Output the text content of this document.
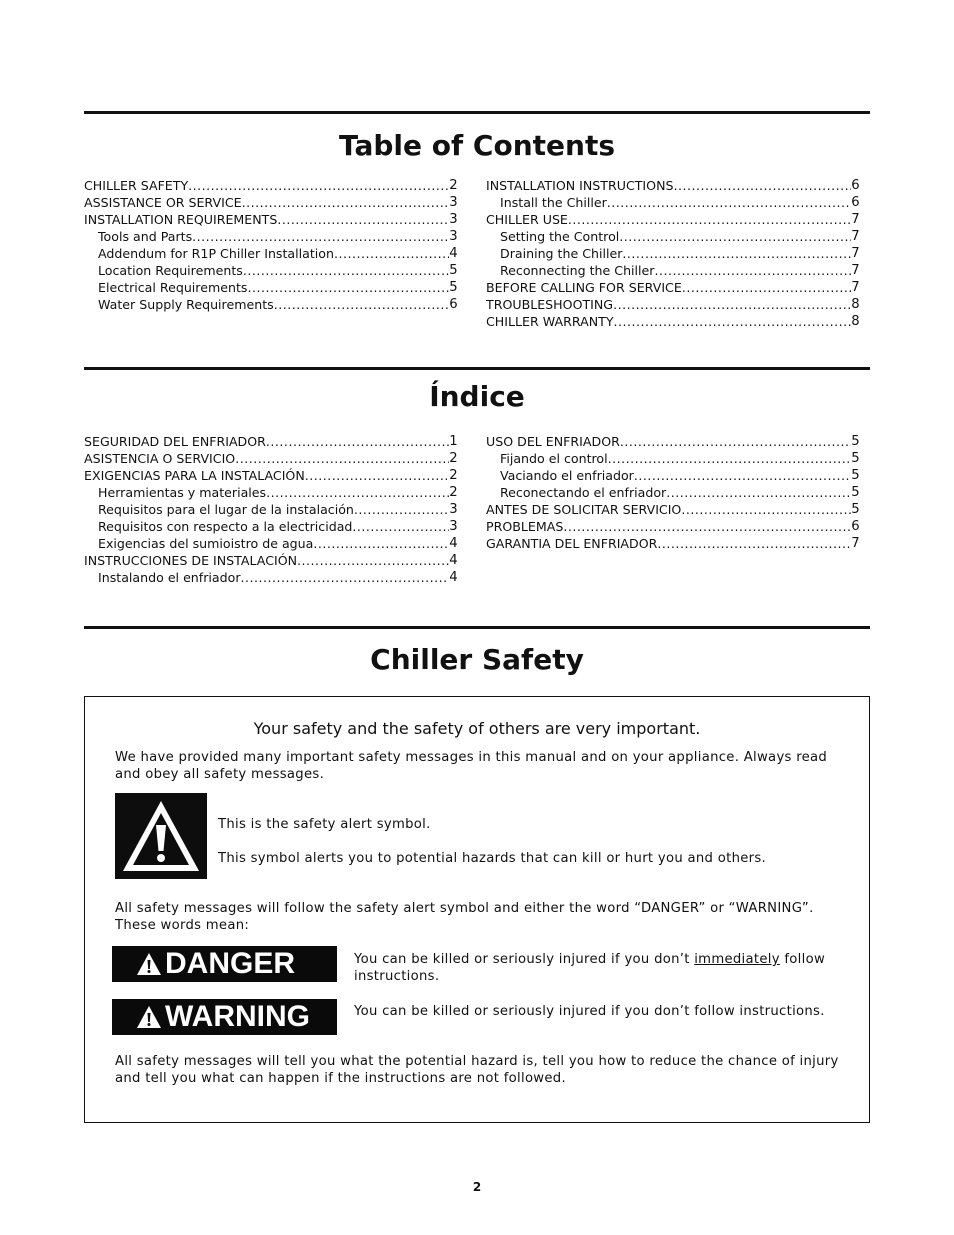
Table of Contents
CHILLER SAFETY .....	2
ASSISTANCE OR SERVICE .....	3
INSTALLATION REQUIREMENTS .....	3
Tools and Parts .....	3
Addendum for R1P Chiller Installation .....	4
Location Requirements .....	5
Electrical Requirements .....	5
Water Supply Requirements .....	6
INSTALLATION INSTRUCTIONS .....	6
Install the Chiller .....	6
CHILLER USE .....	7
Setting the Control .....	7
Draining the Chiller .....	7
Reconnecting the Chiller .....	7
BEFORE CALLING FOR SERVICE .....	7
TROUBLESHOOTING .....	8
CHILLER WARRANTY .....	8
Índice
SEGURIDAD DEL ENFRIADOR .....	1
ASISTENCIA O SERVICIO .....	2
EXIGENCIAS PARA LA INSTALACIÓN .....	2
Herramientas y materiales .....	2
Requisitos para el lugar de la instalación .....	3
Requisitos con respecto a la electricidad .....	3
Exigencias del sumioistro de agua .....	4
INSTRUCCIONES DE INSTALACIÓN .....	4
Instalando el enfriador .....	4
USO DEL ENFRIADOR .....	5
Fijando el control .....	5
Vaciando el enfriador .....	5
Reconectando el enfriador .....	5
ANTES DE SOLICITAR SERVICIO .....	5
PROBLEMAS .....	6
GARANTIA DEL ENFRIADOR .....	7
Chiller Safety

Your safety and the safety of others are very important.

We have provided many important safety messages in this manual and on your appliance. Always read and obey all safety messages.

This is the safety alert symbol.

This symbol alerts you to potential hazards that can kill or hurt you and others.

All safety messages will follow the safety alert symbol and either the word “DANGER” or “WARNING”. These words mean:

DANGER	You can be killed or seriously injured if you don’t immediately follow instructions.

WARNING	You can be killed or seriously injured if you don’t follow instructions.

All safety messages will tell you what the potential hazard is, tell you how to reduce the chance of injury and tell you what can happen if the instructions are not followed.

2
